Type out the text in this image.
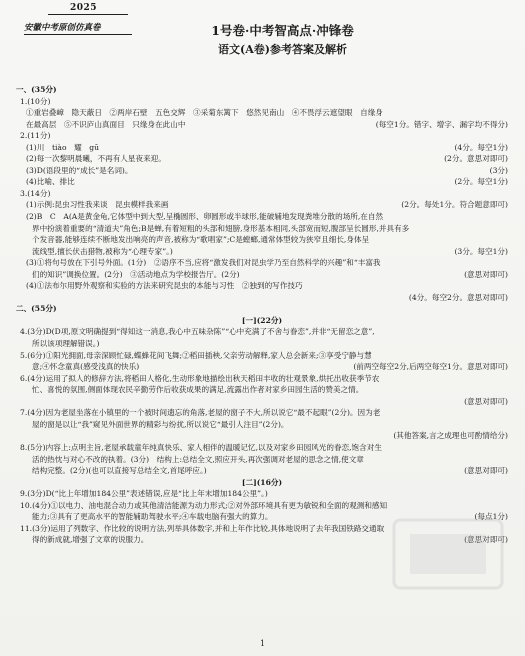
2025
安徽中考原创仿真卷	1号卷·中考智高点·冲锋卷
语文(A卷)参考答案及解析
一、(35分)
1.(10分)
①重岩叠嶂　隐天蔽日　②两岸石壁　五色交辉　③采菊东篱下　悠然见南山　④不畏浮云遮望眼　自缘身
在最高层　⑤不识庐山真面目　只缘身在此山中	(每空1分。错字、增字、漏字均不得分)
2.(11分)
(1)川　tiào　耀　gū	(4分。每空1分)
(2)每一次黎明晨曦，不再有人星夜来迎。	(2分。意思对即可)
(3)D(语段里的“成长”是名词)。	(3分)
(4)比喻、排比	(2分。每空1分)
3.(14分)
(1)示例:昆虫习性我来谈　昆虫模样我来画	(2分。每处1分。符合题意即可)
(2)B　C　A(A是黄金龟,它体型中到大型,呈椭圆形、卵圆形或半球形,能破辅地发现粪堆分散的场所,在自然
界中扮演着重要的“清道夫”角色;B是蝉,有着短粗的头部和翅膀,身形基本相同,头部宽而短,腹部呈长圆形,并具有多
个发音器,能够连续不断地发出响亮的声音,被称为“歌唱家”;C是螳螂,通常体型较为狭窄且细长,身体呈
流线型,擅长伏击猎物,被称为“心理专家”。)	(3分。每空1分)
(3)①将句号放在下引号外面。(1分)　②语序不当,应将“激发我们对昆虫学乃至自然科学的兴趣”和“丰富我
们的知识”调换位置。(2分)　③活动地点为学校报告厅。(2分)	(意思对即可)
(4)①法布尔用野外观察和实验的方法来研究昆虫的本能与习性　②独到的写作技巧
(4分。每空2分。意思对即可)
二、(55分)
[一](22分)
4.(3分)D(D项,原文明确提到“得知这一消息,我心中五味杂陈”“心中充满了不舍与眷恋”,并非“无留恋之意”,
所以该项理解错误。)
5.(6分)①阳光拥面,母亲深顾忙碌,蝶蜂花间飞舞;②稻田插秧,父亲劳动解释,家人总会新来;③享受宁静与慧
意;④怀念童真(感受浅真的快乐)	(前两空每空2分,后两空每空1分。意思对即可)
6.(4分)运用了拟人的修辞方法,将稻田人格化,生动形象地描绘出秋天稻田丰收的壮观景象,烘托出收获季节农
忙、喜悦的氛围,侧面体现农民辛勤劳作后收获成果的满足,流露出作者对家乡田园生活的赞美之情。
(意思对即可)
7.(4分)因为老屋坐落在小镇里的一个被时间遗忘的角落,老屋的窗子不大,所以说它“最不起眼”(2分)。因为老
屋的窗是以让“我”窥见外面世界的精彩与纷扰,所以说它“最引人注目”(2分)。
(其他答案,言之成理也可酌情给分)
8.(5分)内容上:点明主旨,老屋承载童年纯真快乐、家人相伴的温暖记忆,以及对家乡田园风光的眷恋,饱含对生
活的热忱与对心不改的执着。(3分)　结构上:总结全文,照应开头,再次强调对老屋的思念之情,使文章
结构完整。(2分)(也可以直接写总结全文,首尾呼应。)	(意思对即可)
[二](16分)
9.(3分)D(“比上年增加184公里”表述错误,应是“比上年末增加184公里”。)
10.(4分)①以电力、油电混合动力或其他清洁能源为动力形式;②对外部环境具有更为敏锐和全面的观测和感知
能力;③具有了更高水平的智能辅助驾驶水平;④车载电脑有强大的算力。	(每点1分)
11.(3分)运用了列数字、作比较的说明方法,列举具体数字,并和上年作比较,具体地说明了去年我国铁路交通取
得的新成就,增强了文章的说服力。	(意思对即可)
1
